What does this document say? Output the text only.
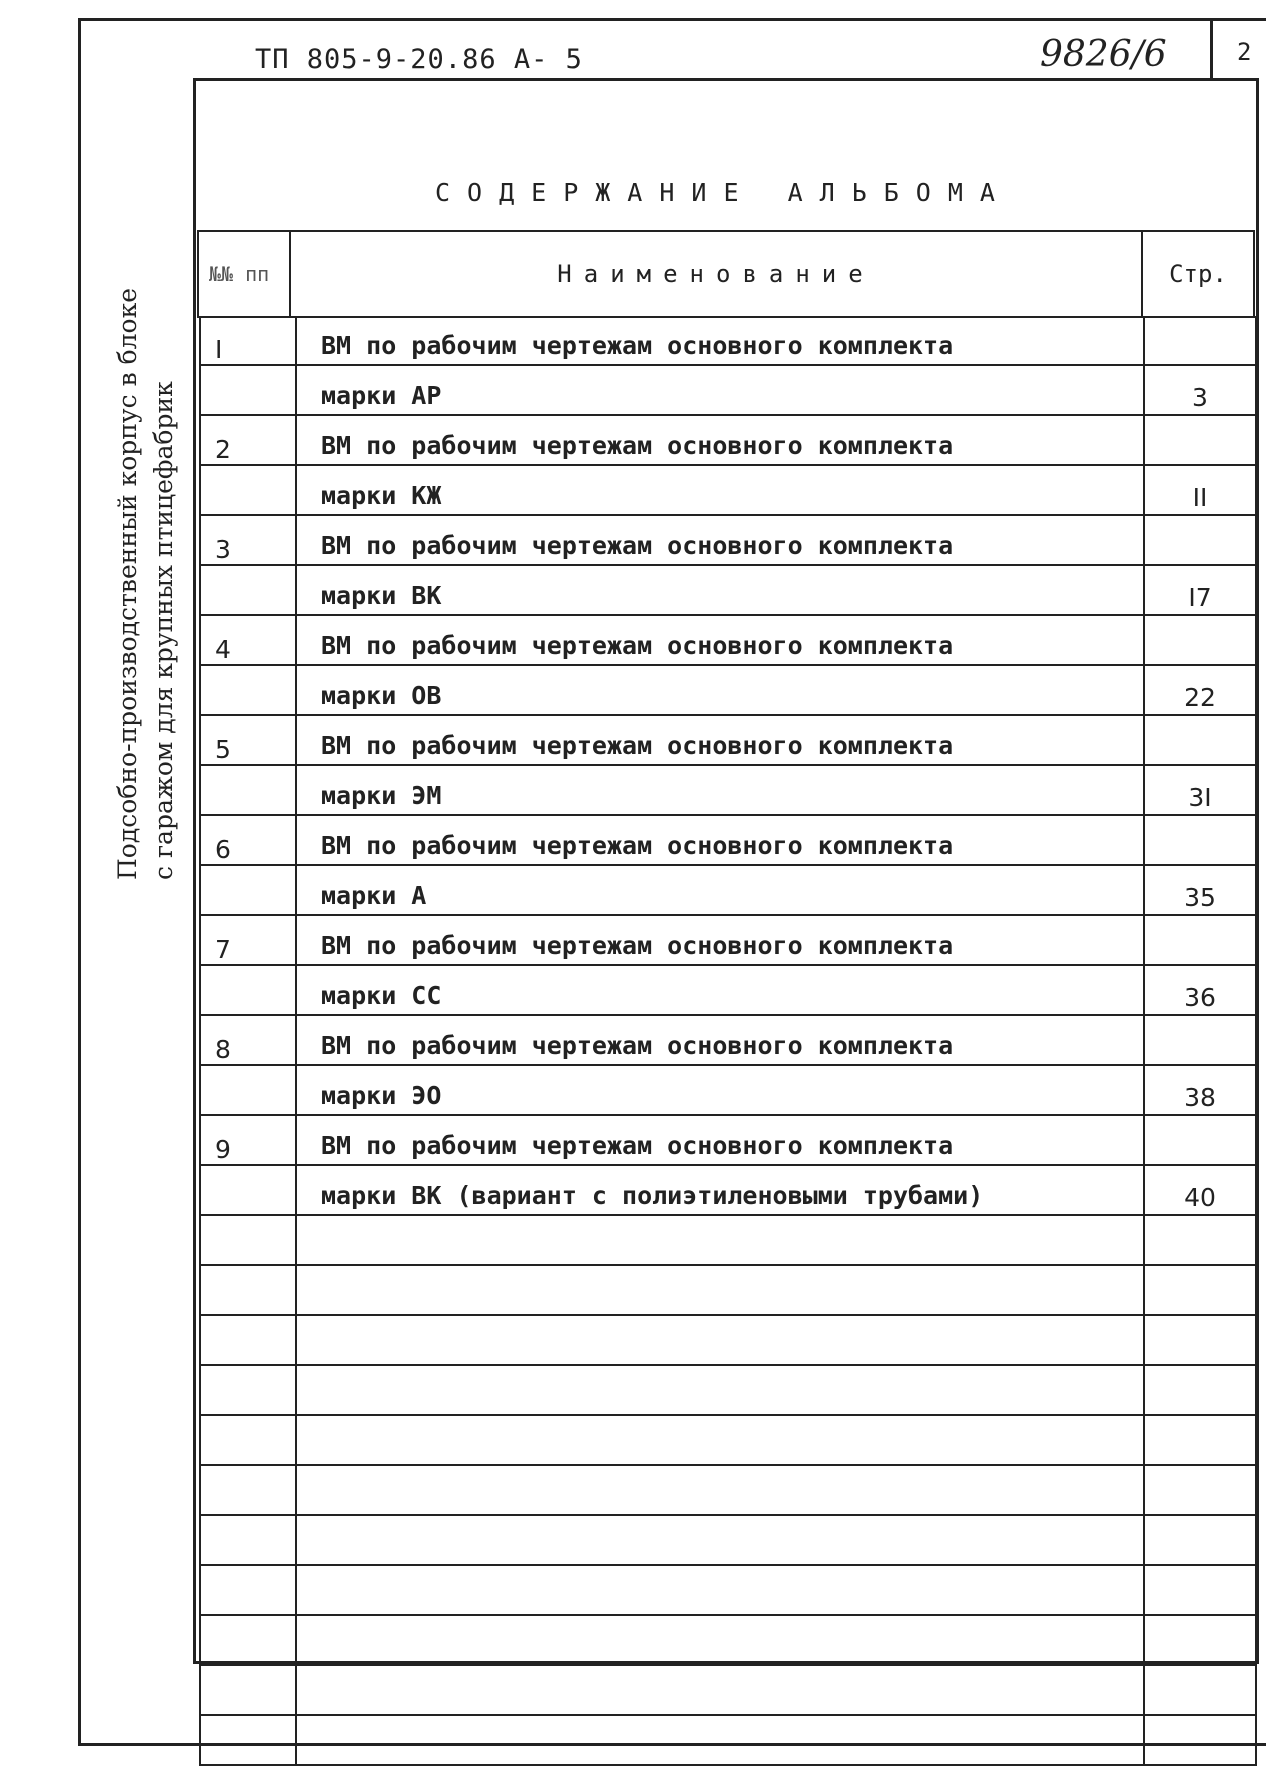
ТП 805-9-20.86 А- 5	9826/6	2
Подсобно-производственный корпус в блоке с гаражом для крупных птицефабрик
СОДЕРЖАНИЕ АЛЬБОМА
№№ пп	Наименование	Стр.
I	ВМ по рабочим чертежам основного комплекта	
	марки АР	3
2	ВМ по рабочим чертежам основного комплекта	
	марки КЖ	II
3	ВМ по рабочим чертежам основного комплекта	
	марки ВК	I7
4	ВМ по рабочим чертежам основного комплекта	
	марки ОВ	22
5	ВМ по рабочим чертежам основного комплекта	
	марки ЭМ	3I
6	ВМ по рабочим чертежам основного комплекта	
	марки А	35
7	ВМ по рабочим чертежам основного комплекта	
	марки СС	36
8	ВМ по рабочим чертежам основного комплекта	
	марки ЭО	38
9	ВМ по рабочим чертежам основного комплекта	
	марки ВК (вариант с полиэтиленовыми трубами)	40
